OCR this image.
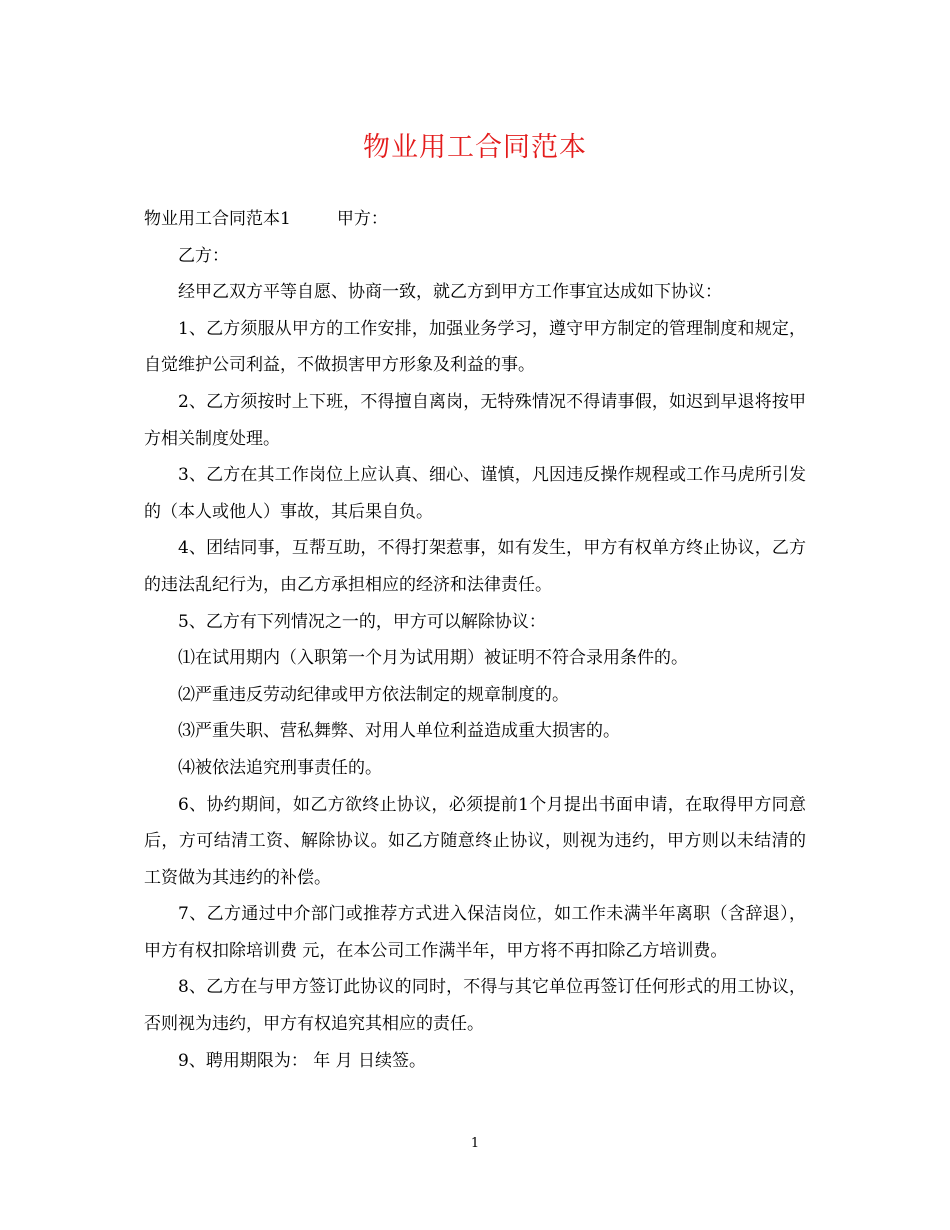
物业用工合同范本

物业用工合同范本1	甲方：

乙方：

经甲乙双方平等自愿、协商一致，就乙方到甲方工作事宜达成如下协议：

1、乙方须服从甲方的工作安排，加强业务学习，遵守甲方制定的管理制度和规定，自觉维护公司利益，不做损害甲方形象及利益的事。

2、乙方须按时上下班，不得擅自离岗，无特殊情况不得请事假，如迟到早退将按甲方相关制度处理。

3、乙方在其工作岗位上应认真、细心、谨慎，凡因违反操作规程或工作马虎所引发的（本人或他人）事故，其后果自负。

4、团结同事，互帮互助，不得打架惹事，如有发生，甲方有权单方终止协议，乙方的违法乱纪行为，由乙方承担相应的经济和法律责任。

5、乙方有下列情况之一的，甲方可以解除协议：

⑴在试用期内（入职第一个月为试用期）被证明不符合录用条件的。

⑵严重违反劳动纪律或甲方依法制定的规章制度的。

⑶严重失职、营私舞弊、对用人单位利益造成重大损害的。

⑷被依法追究刑事责任的。

6、协约期间，如乙方欲终止协议，必须提前1个月提出书面申请，在取得甲方同意后，方可结清工资、解除协议。如乙方随意终止协议，则视为违约，甲方则以未结清的工资做为其违约的补偿。

7、乙方通过中介部门或推荐方式进入保洁岗位，如工作未满半年离职（含辞退），甲方有权扣除培训费 元，在本公司工作满半年，甲方将不再扣除乙方培训费。

8、乙方在与甲方签订此协议的同时，不得与其它单位再签订任何形式的用工协议，否则视为违约，甲方有权追究其相应的责任。

9、聘用期限为： 年 月 日续签。

1
